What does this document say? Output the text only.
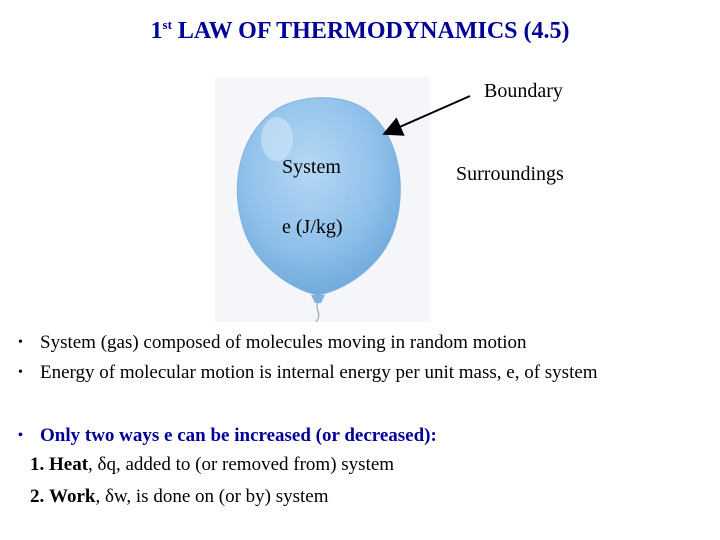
1st LAW OF THERMODYNAMICS (4.5)
Boundary
System	Surroundings
e (J/kg)
• System (gas) composed of molecules moving in random motion
• Energy of molecular motion is internal energy per unit mass, e, of system
• Only two ways e can be increased (or decreased):
1. Heat, δq, added to (or removed from) system
2. Work, δw, is done on (or by) system
